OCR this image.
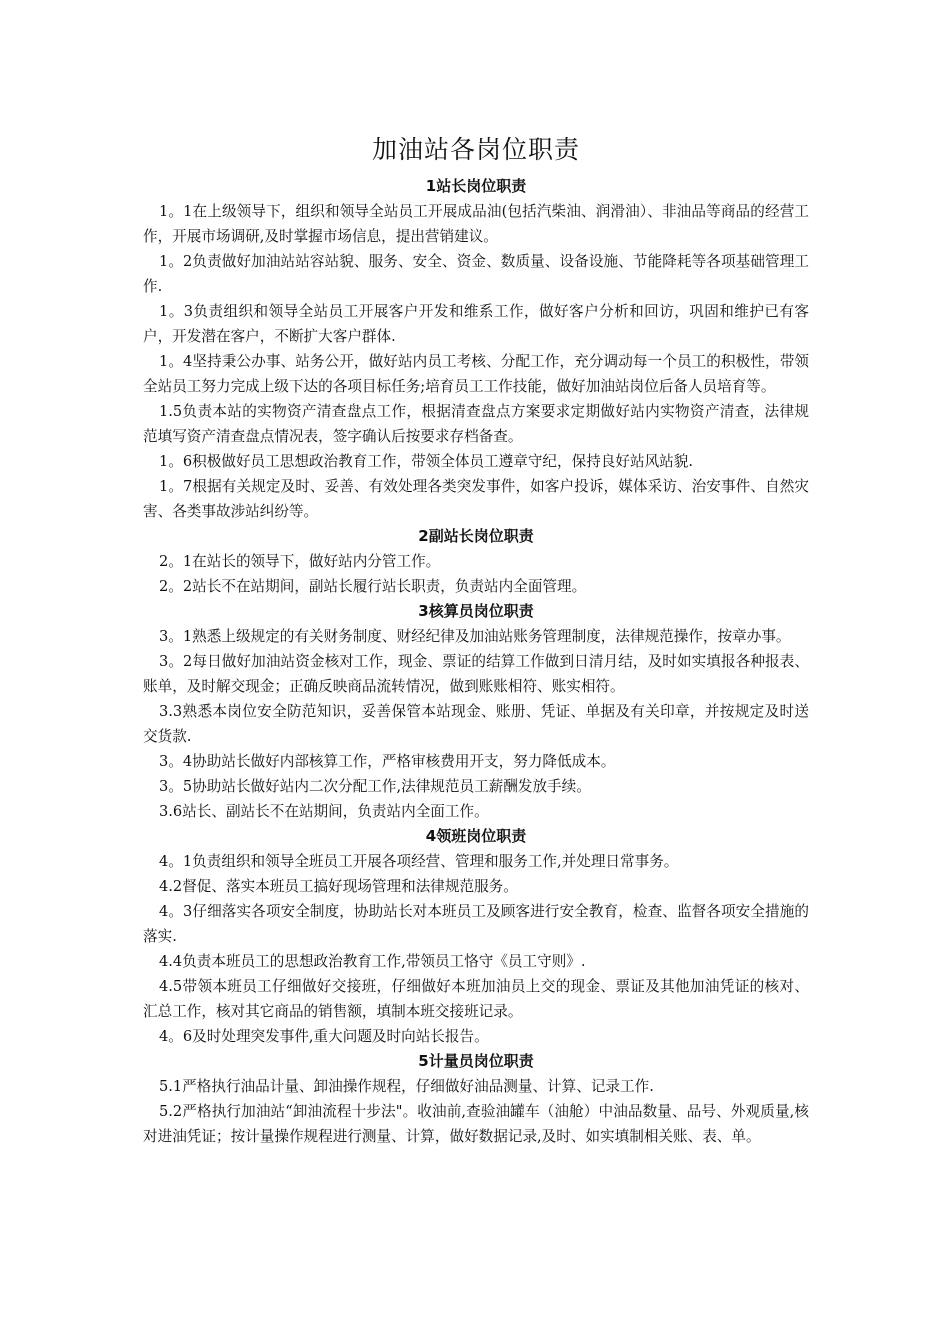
加油站各岗位职责
1站长岗位职责

1。1在上级领导下，组织和领导全站员工开展成品油(包括汽柴油、润滑油）、非油品等商品的经营工作，开展市场调研,及时掌握市场信息，提出营销建议。

1。2负责做好加油站站容站貌、服务、安全、资金、数质量、设备设施、节能降耗等各项基础管理工作.

1。3负责组织和领导全站员工开展客户开发和维系工作，做好客户分析和回访，巩固和维护已有客户，开发潜在客户，不断扩大客户群体.

1。4坚持秉公办事、站务公开，做好站内员工考核、分配工作，充分调动每一个员工的积极性，带领全站员工努力完成上级下达的各项目标任务;培育员工工作技能，做好加油站岗位后备人员培育等。

1.5负责本站的实物资产清查盘点工作，根据清查盘点方案要求定期做好站内实物资产清查，法律规范填写资产清查盘点情况表，签字确认后按要求存档备查。

1。6积极做好员工思想政治教育工作，带领全体员工遵章守纪，保持良好站风站貌.

1。7根据有关规定及时、妥善、有效处理各类突发事件，如客户投诉，媒体采访、治安事件、自然灾害、各类事故涉站纠纷等。

2副站长岗位职责

2。1在站长的领导下，做好站内分管工作。

2。2站长不在站期间，副站长履行站长职责，负责站内全面管理。

3核算员岗位职责

3。1熟悉上级规定的有关财务制度、财经纪律及加油站账务管理制度，法律规范操作，按章办事。

3。2每日做好加油站资金核对工作，现金、票证的结算工作做到日清月结，及时如实填报各种报表、账单，及时解交现金；正确反映商品流转情况，做到账账相符、账实相符。

3.3熟悉本岗位安全防范知识，妥善保管本站现金、账册、凭证、单据及有关印章，并按规定及时送交货款.

3。4协助站长做好内部核算工作，严格审核费用开支，努力降低成本。

3。5协助站长做好站内二次分配工作,法律规范员工薪酬发放手续。

3.6站长、副站长不在站期间，负责站内全面工作。

4领班岗位职责

4。1负责组织和领导全班员工开展各项经营、管理和服务工作,并处理日常事务。

4.2督促、落实本班员工搞好现场管理和法律规范服务。

4。3仔细落实各项安全制度，协助站长对本班员工及顾客进行安全教育，检查、监督各项安全措施的落实.

4.4负责本班员工的思想政治教育工作,带领员工恪守《员工守则》.

4.5带领本班员工仔细做好交接班，仔细做好本班加油员上交的现金、票证及其他加油凭证的核对、汇总工作，核对其它商品的销售额，填制本班交接班记录。

4。6及时处理突发事件,重大问题及时向站长报告。

5计量员岗位职责

5.1严格执行油品计量、卸油操作规程，仔细做好油品测量、计算、记录工作.

5.2严格执行加油站“卸油流程十步法"。收油前,查验油罐车（油舱）中油品数量、品号、外观质量,核对进油凭证；按计量操作规程进行测量、计算，做好数据记录,及时、如实填制相关账、表、单。
